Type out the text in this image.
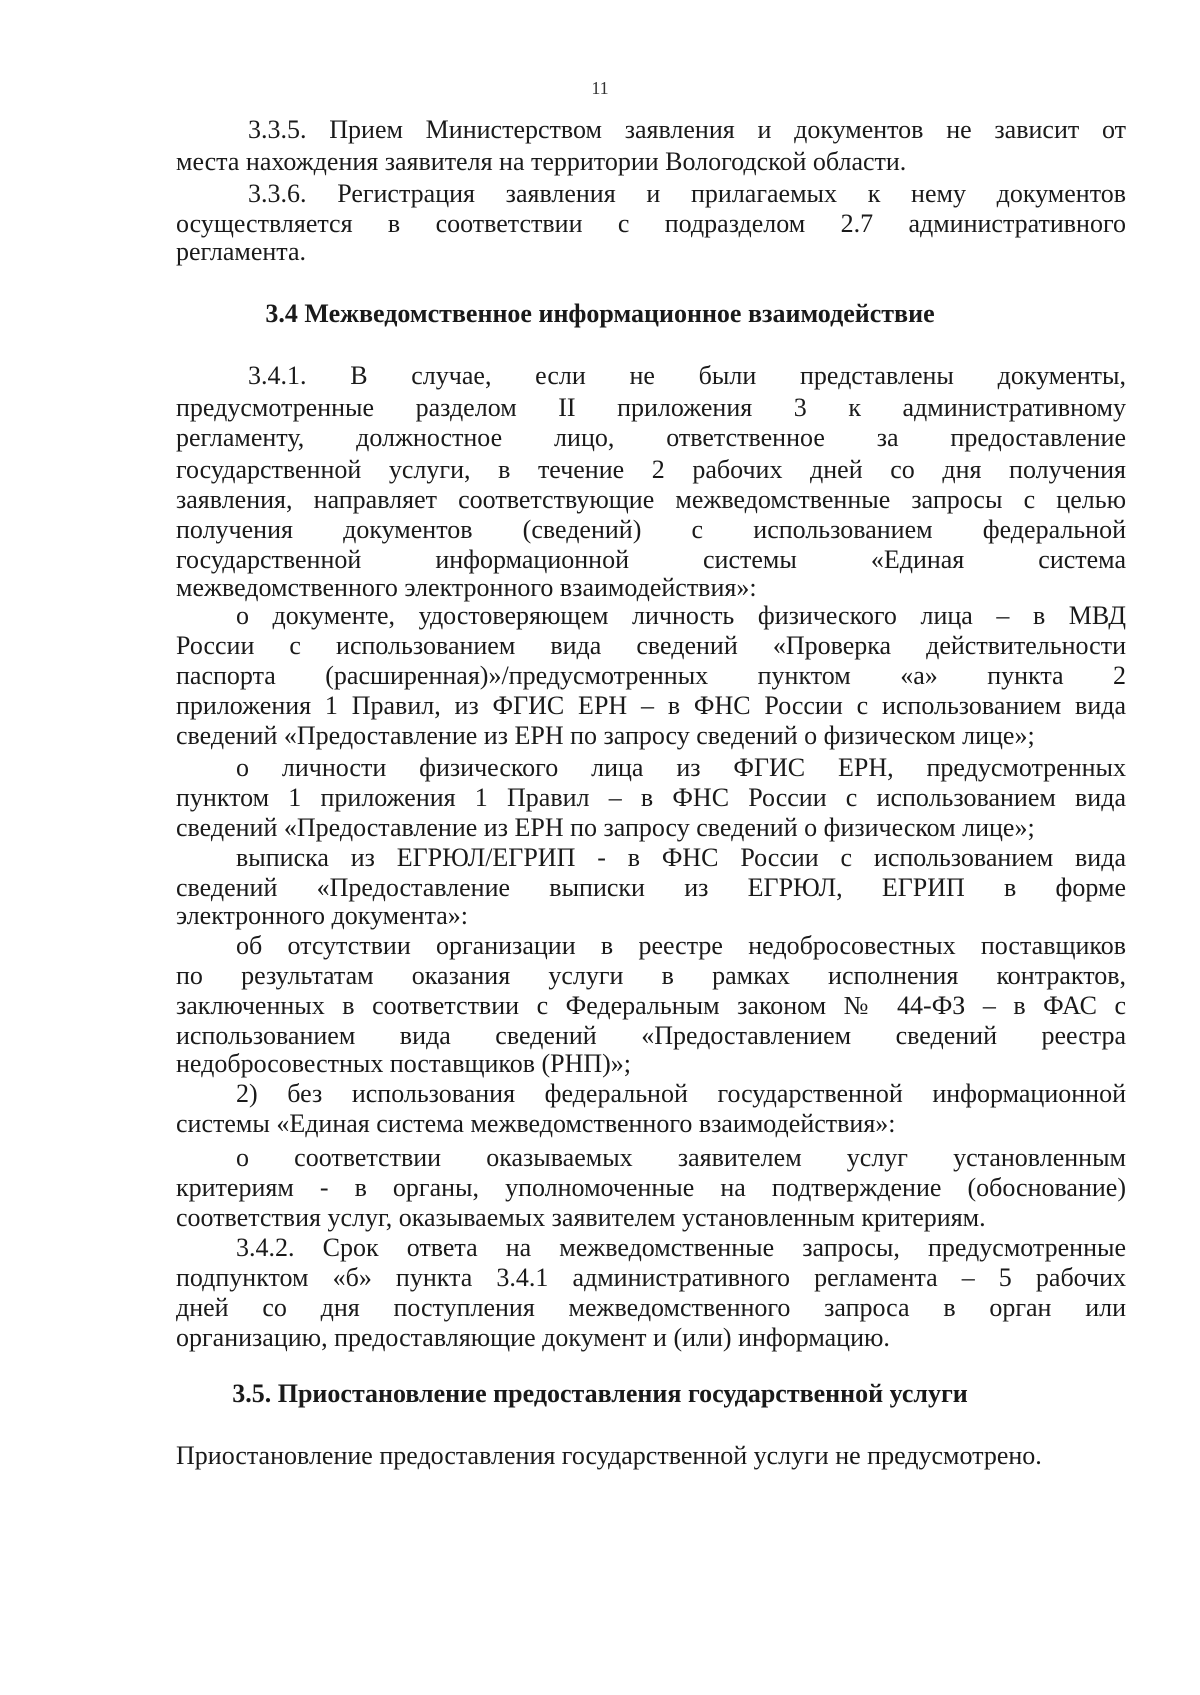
11
3.3.5. Прием Министерством заявления и документов не зависит от
места нахождения заявителя на территории Вологодской области.
3.3.6. Регистрация заявления и прилагаемых к нему документов
осуществляется в соответствии с подразделом 2.7 административного
регламента.
3.4 Межведомственное информационное взаимодействие
3.4.1. В случае, если не были представлены документы,
предусмотренные разделом II приложения 3 к административному
регламенту, должностное лицо, ответственное за предоставление
государственной услуги, в течение 2 рабочих дней со дня получения
заявления, направляет соответствующие межведомственные запросы с целью
получения документов (сведений) с использованием федеральной
государственной информационной системы «Единая система
межведомственного электронного взаимодействия»:
о документе, удостоверяющем личность физического лица – в МВД
России с использованием вида сведений «Проверка действительности
паспорта (расширенная)»/предусмотренных пунктом «а» пункта 2
приложения 1 Правил, из ФГИС ЕРН – в ФНС России с использованием вида
сведений «Предоставление из ЕРН по запросу сведений о физическом лице»;
о личности физического лица из ФГИС ЕРН, предусмотренных
пунктом 1 приложения 1 Правил – в ФНС России с использованием вида
сведений «Предоставление из ЕРН по запросу сведений о физическом лице»;
выписка из ЕГРЮЛ/ЕГРИП - в ФНС России с использованием вида
сведений «Предоставление выписки из ЕГРЮЛ, ЕГРИП в форме
электронного документа»:
об отсутствии организации в реестре недобросовестных поставщиков
по результатам оказания услуги в рамках исполнения контрактов,
заключенных в соответствии с Федеральным законом № 44-ФЗ – в ФАС с
использованием вида сведений «Предоставлением сведений реестра
недобросовестных поставщиков (РНП)»;
2) без использования федеральной государственной информационной
системы «Единая система межведомственного взаимодействия»:
о соответствии оказываемых заявителем услуг установленным
критериям - в органы, уполномоченные на подтверждение (обоснование)
соответствия услуг, оказываемых заявителем установленным критериям.
3.4.2. Срок ответа на межведомственные запросы, предусмотренные
подпунктом «б» пункта 3.4.1 административного регламента – 5 рабочих
дней со дня поступления межведомственного запроса в орган или
организацию, предоставляющие документ и (или) информацию.
3.5. Приостановление предоставления государственной услуги
Приостановление предоставления государственной услуги не предусмотрено.
